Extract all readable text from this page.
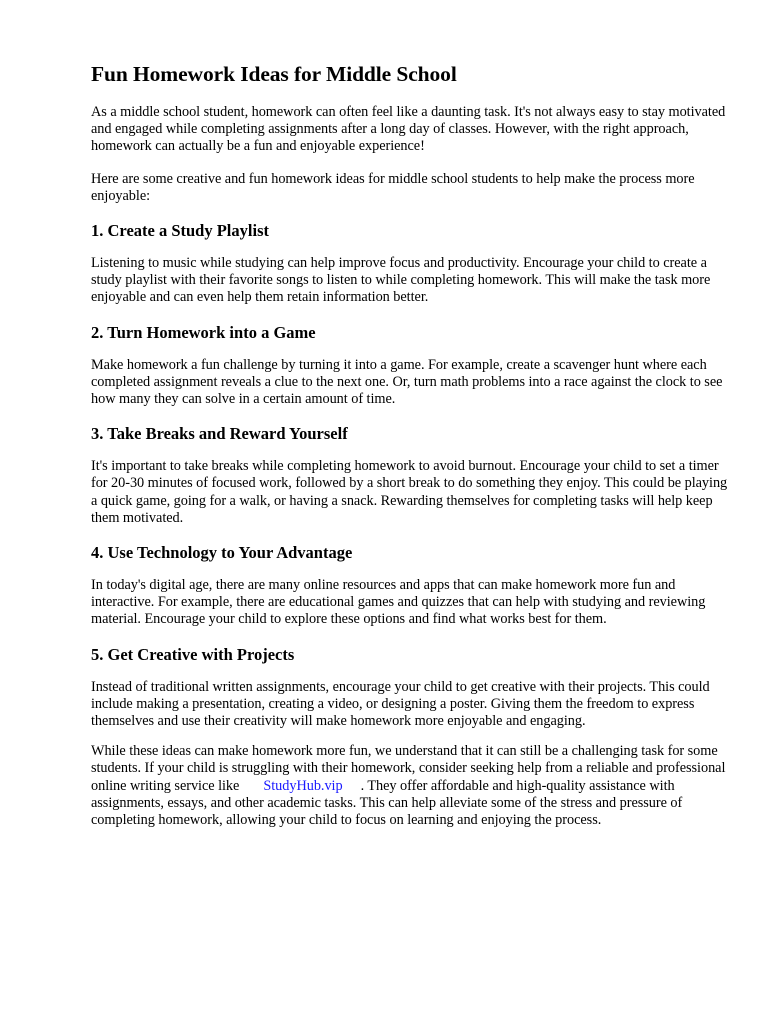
Fun Homework Ideas for Middle School

As a middle school student, homework can often feel like a daunting task. It's not always easy to stay motivated and engaged while completing assignments after a long day of classes. However, with the right approach, homework can actually be a fun and enjoyable experience!

Here are some creative and fun homework ideas for middle school students to help make the process more enjoyable:

1. Create a Study Playlist

Listening to music while studying can help improve focus and productivity. Encourage your child to create a study playlist with their favorite songs to listen to while completing homework. This will make the task more enjoyable and can even help them retain information better.

2. Turn Homework into a Game

Make homework a fun challenge by turning it into a game. For example, create a scavenger hunt where each completed assignment reveals a clue to the next one. Or, turn math problems into a race against the clock to see how many they can solve in a certain amount of time.

3. Take Breaks and Reward Yourself

It's important to take breaks while completing homework to avoid burnout. Encourage your child to set a timer for 20-30 minutes of focused work, followed by a short break to do something they enjoy. This could be playing a quick game, going for a walk, or having a snack. Rewarding themselves for completing tasks will help keep them motivated.

4. Use Technology to Your Advantage

In today's digital age, there are many online resources and apps that can make homework more fun and interactive. For example, there are educational games and quizzes that can help with studying and reviewing material. Encourage your child to explore these options and find what works best for them.

5. Get Creative with Projects

Instead of traditional written assignments, encourage your child to get creative with their projects. This could include making a presentation, creating a video, or designing a poster. Giving them the freedom to express themselves and use their creativity will make homework more enjoyable and engaging.

While these ideas can make homework more fun, we understand that it can still be a challenging task for some students. If your child is struggling with their homework, consider seeking help from a reliable and professional online writing service like StudyHub.vip . They offer affordable and high-quality assistance with assignments, essays, and other academic tasks. This can help alleviate some of the stress and pressure of completing homework, allowing your child to focus on learning and enjoying the process.
